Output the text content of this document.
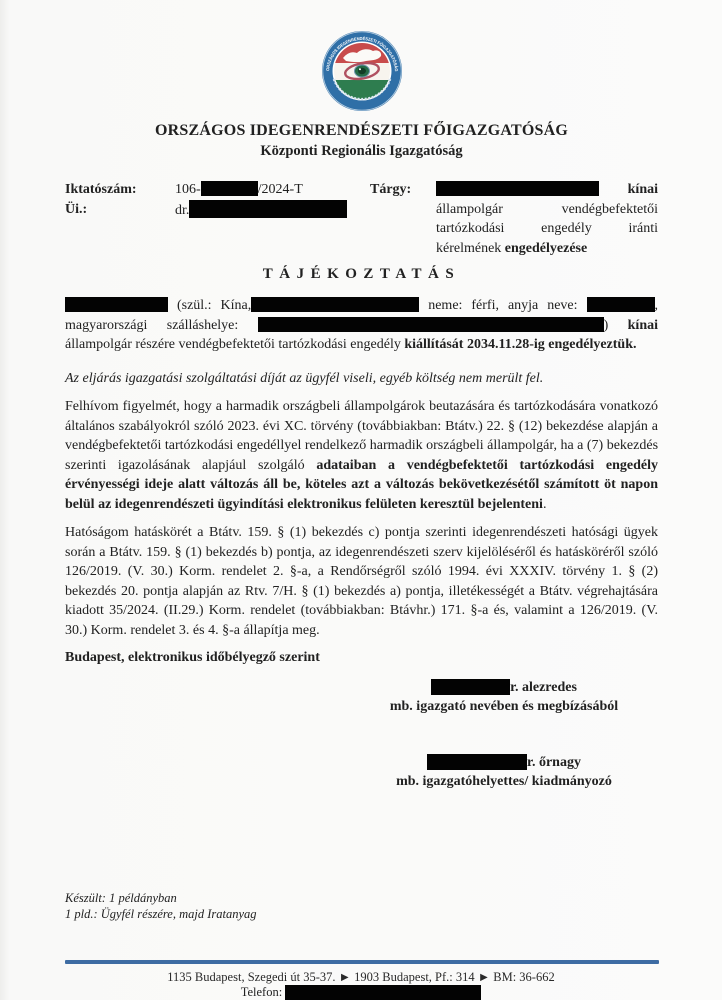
ORSZÁGOS IDEGENRENDÉSZETI FŐIGAZGATÓSÁG
ORSZÁGOS IDEGENRENDÉSZETI FŐIGAZGATÓSÁG
Központi Regionális Igazgatóság
Iktatószám:	106-	/2024-T
Üi.:	dr.
Tárgy:	kínai állampolgár vendégbefektetői tartózkodási engedély iránti kérelmének engedélyezése
TÁJÉKOZTATÁS
(szül.: Kína,	neme: férfi, anyja neve:	, magyarországi szálláshelye:	) kínai állampolgár részére vendégbefektetői tartózkodási engedély kiállítását 2034.11.28-ig engedélyeztük.
Az eljárás igazgatási szolgáltatási díját az ügyfél viseli, egyéb költség nem merült fel.
Felhívom figyelmét, hogy a harmadik országbeli állampolgárok beutazására és tartózkodására vonatkozó általános szabályokról szóló 2023. évi XC. törvény (továbbiakban: Btátv.) 22. § (12) bekezdése alapján a vendégbefektetői tartózkodási engedéllyel rendelkező harmadik országbeli állampolgár, ha a (7) bekezdés szerinti igazolásának alapjául szolgáló adataiban a vendégbefektetői tartózkodási engedély érvényességi ideje alatt változás áll be, köteles azt a változás bekövetkezésétől számított öt napon belül az idegenrendészeti ügyindítási elektronikus felületen keresztül bejelenteni.
Hatóságom hatáskörét a Btátv. 159. § (1) bekezdés c) pontja szerinti idegenrendészeti hatósági ügyek során a Btátv. 159. § (1) bekezdés b) pontja, az idegenrendészeti szerv kijelöléséről és hatásköréről szóló 126/2019. (V. 30.) Korm. rendelet 2. §-a, a Rendőrségről szóló 1994. évi XXXIV. törvény 1. § (2) bekezdés 20. pontja alapján az Rtv. 7/H. § (1) bekezdés a) pontja, illetékességét a Btátv. végrehajtására kiadott 35/2024. (II.29.) Korm. rendelet (továbbiakban: Btávhr.) 171. §-a és, valamint a 126/2019. (V. 30.) Korm. rendelet 3. és 4. §-a állapítja meg.
Budapest, elektronikus időbélyegző szerint
r. alezredes
mb. igazgató nevében és megbízásából
r. őrnagy
mb. igazgatóhelyettes/ kiadmányozó
Készült: 1 példányban
1 pld.: Ügyfél részére, majd Iratanyag
1135 Budapest, Szegedi út 35-37. ► 1903 Budapest, Pf.: 314 ► BM: 36-662
Telefon:
